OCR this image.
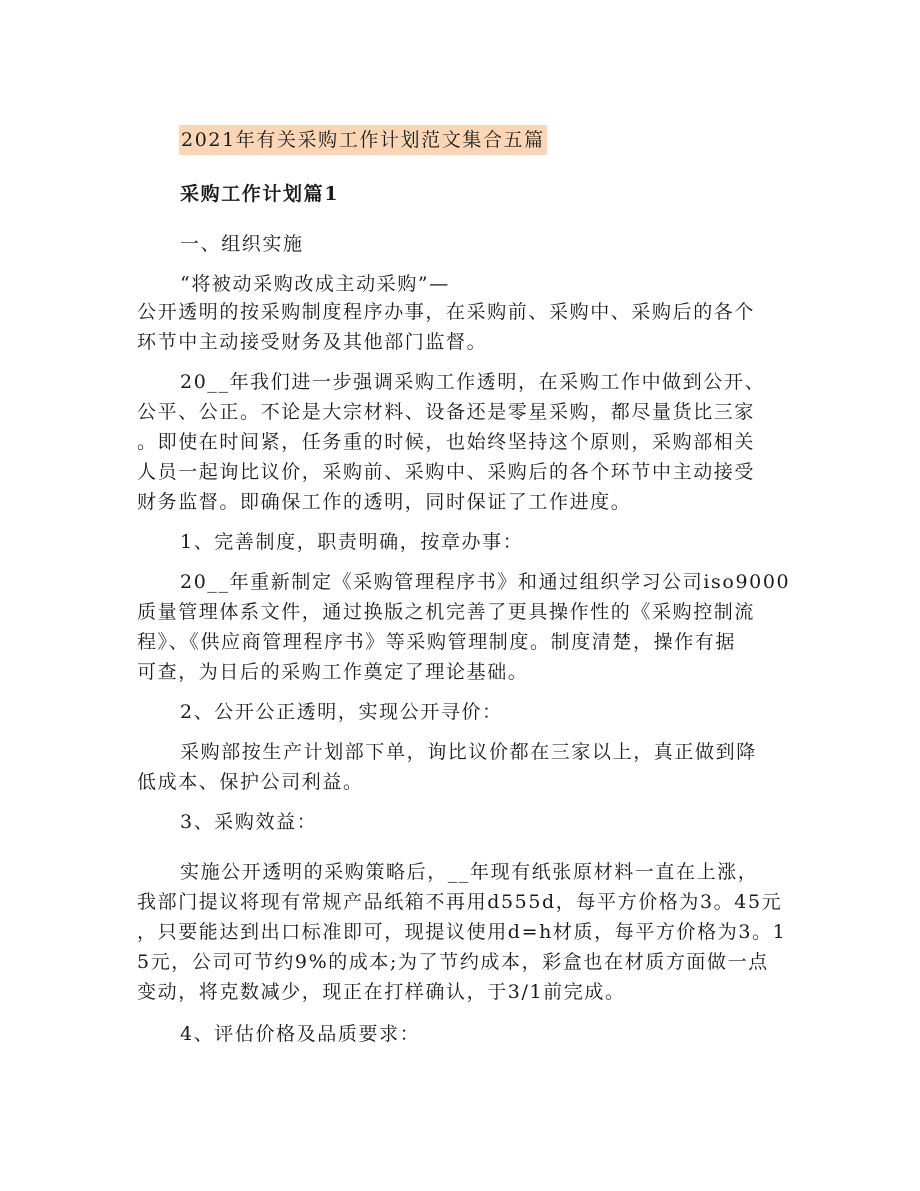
2021年有关采购工作计划范文集合五篇
采购工作计划篇1
一、组织实施
“将被动采购改成主动采购”—
公开透明的按采购制度程序办事，在采购前、采购中、采购后的各个
环节中主动接受财务及其他部门监督。
20__年我们进一步强调采购工作透明，在采购工作中做到公开、
公平、公正。不论是大宗材料、设备还是零星采购，都尽量货比三家
。即使在时间紧，任务重的时候，也始终坚持这个原则，采购部相关
人员一起询比议价，采购前、采购中、采购后的各个环节中主动接受
财务监督。即确保工作的透明，同时保证了工作进度。
1、完善制度，职责明确，按章办事：
20__年重新制定《采购管理程序书》和通过组织学习公司iso9000
质量管理体系文件，通过换版之机完善了更具操作性的《采购控制流
程》、《供应商管理程序书》等采购管理制度。制度清楚，操作有据
可查，为日后的采购工作奠定了理论基础。
2、公开公正透明，实现公开寻价：
采购部按生产计划部下单，询比议价都在三家以上，真正做到降
低成本、保护公司利益。
3、采购效益：
实施公开透明的采购策略后，__年现有纸张原材料一直在上涨，
我部门提议将现有常规产品纸箱不再用d555d，每平方价格为3。45元
，只要能达到出口标准即可，现提议使用d=h材质，每平方价格为3。1
5元，公司可节约9%的成本;为了节约成本，彩盒也在材质方面做一点
变动，将克数减少，现正在打样确认，于3/1前完成。
4、评估价格及品质要求：
